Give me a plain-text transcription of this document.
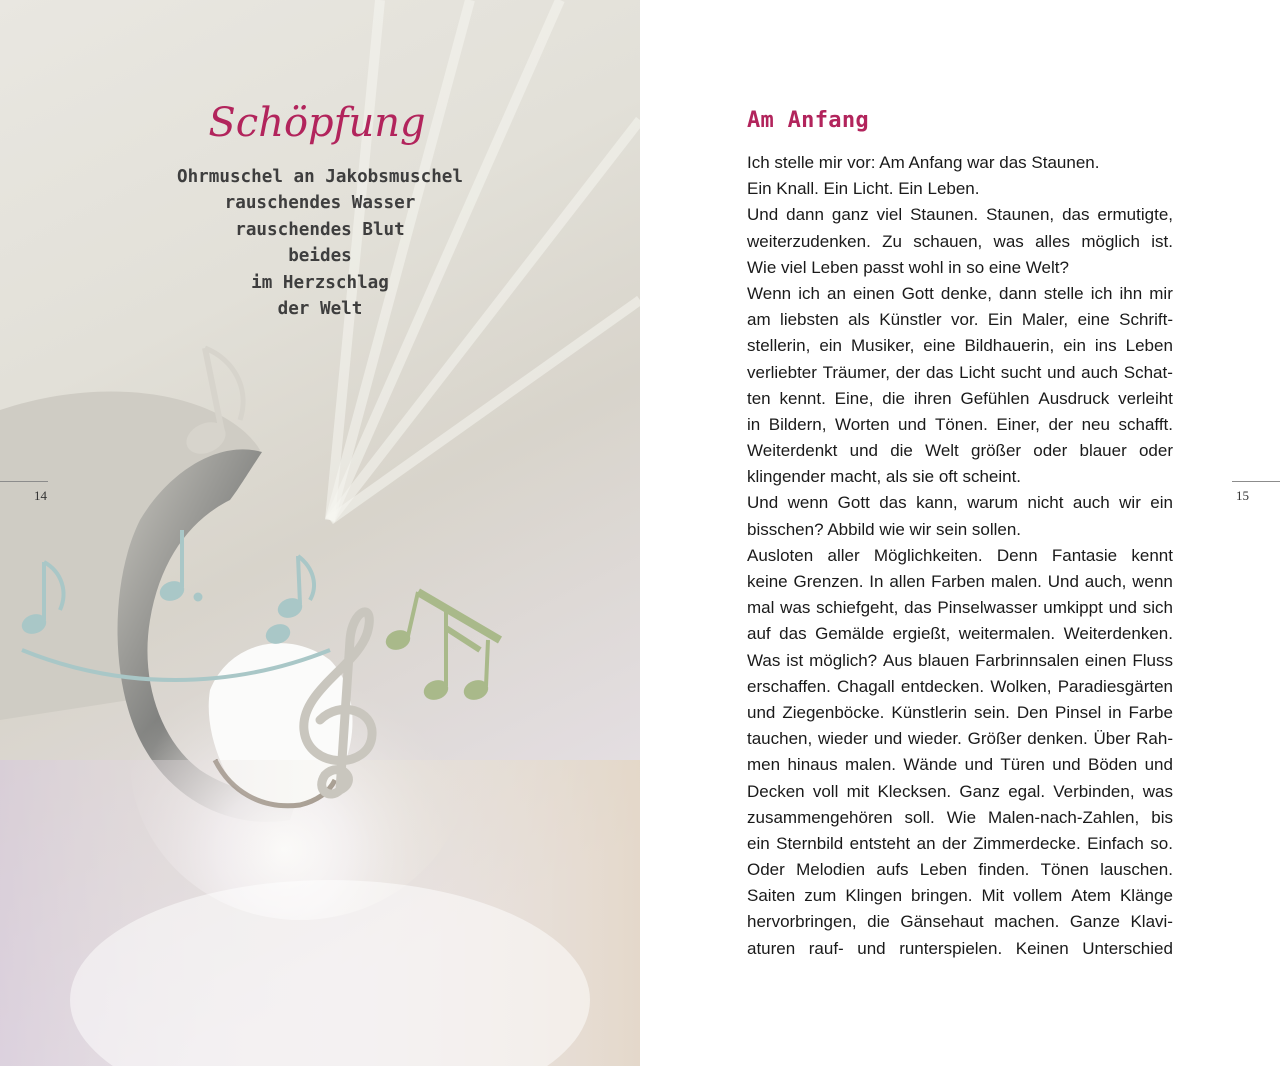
Schöpfung
Ohrmuschel an Jakobsmuschel
rauschendes Wasser
rauschendes Blut
beides
im Herzschlag
der Welt
14
Am Anfang
Ich stelle mir vor: Am Anfang war das Staunen.
Ein Knall. Ein Licht. Ein Leben.
Und dann ganz viel Staunen. Staunen, das ermutigte,
weiterzudenken. Zu schauen, was alles möglich ist.
Wie viel Leben passt wohl in so eine Welt?
Wenn ich an einen Gott denke, dann stelle ich ihn mir
am liebsten als Künstler vor. Ein Maler, eine Schrift-
stellerin, ein Musiker, eine Bildhauerin, ein ins Leben
verliebter Träumer, der das Licht sucht und auch Schat-
ten kennt. Eine, die ihren Gefühlen Ausdruck verleiht
in Bildern, Worten und Tönen. Einer, der neu schafft.
Weiterdenkt und die Welt größer oder blauer oder
klingender macht, als sie oft scheint.
Und wenn Gott das kann, warum nicht auch wir ein
bisschen? Abbild wie wir sein sollen.
Ausloten aller Möglichkeiten. Denn Fantasie kennt
keine Grenzen. In allen Farben malen. Und auch, wenn
mal was schiefgeht, das Pinselwasser umkippt und sich
auf das Gemälde ergießt, weitermalen. Weiterdenken.
Was ist möglich? Aus blauen Farbrinnsalen einen Fluss
erschaffen. Chagall entdecken. Wolken, Paradiesgärten
und Ziegenböcke. Künstlerin sein. Den Pinsel in Farbe
tauchen, wieder und wieder. Größer denken. Über Rah-
men hinaus malen. Wände und Türen und Böden und
Decken voll mit Klecksen. Ganz egal. Verbinden, was
zusammengehören soll. Wie Malen-nach-Zahlen, bis
ein Sternbild entsteht an der Zimmerdecke. Einfach so.
Oder Melodien aufs Leben finden. Tönen lauschen.
Saiten zum Klingen bringen. Mit vollem Atem Klänge
hervorbringen, die Gänsehaut machen. Ganze Klavi-
aturen rauf- und runterspielen. Keinen Unterschied
15
